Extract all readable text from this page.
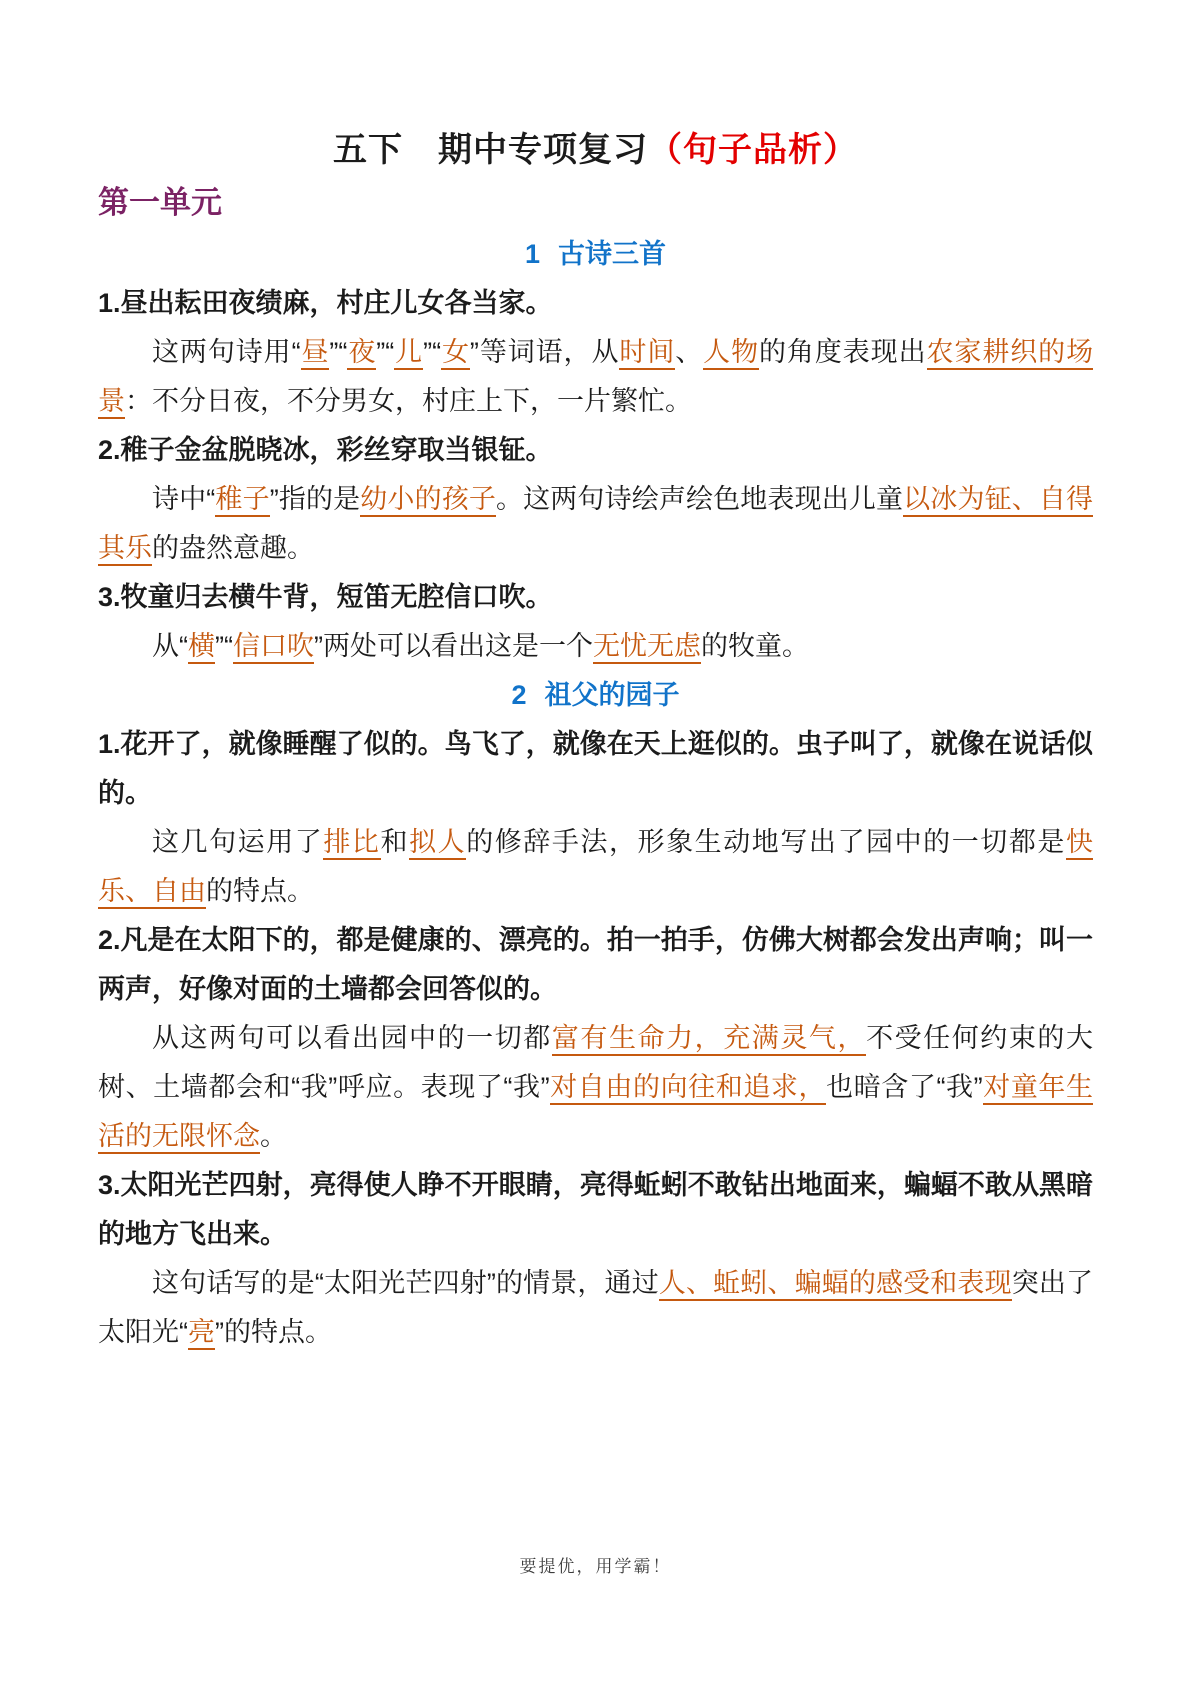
五下　期中专项复习（句子品析）
第一单元
1 古诗三首

1.昼出耘田夜绩麻，村庄儿女各当家。

这两句诗用“昼”“夜”“儿”“女”等词语，从时间、人物的角度表现出农家耕织的场景：不分日夜，不分男女，村庄上下，一片繁忙。

2.稚子金盆脱晓冰，彩丝穿取当银钲。

诗中“稚子”指的是幼小的孩子。这两句诗绘声绘色地表现出儿童以冰为钲、自得其乐的盎然意趣。

3.牧童归去横牛背，短笛无腔信口吹。

从“横”“信口吹”两处可以看出这是一个无忧无虑的牧童。

2 祖父的园子

1.花开了，就像睡醒了似的。鸟飞了，就像在天上逛似的。虫子叫了，就像在说话似的。

这几句运用了排比和拟人的修辞手法，形象生动地写出了园中的一切都是快乐、自由的特点。

2.凡是在太阳下的，都是健康的、漂亮的。拍一拍手，仿佛大树都会发出声响；叫一两声，好像对面的土墙都会回答似的。

从这两句可以看出园中的一切都富有生命力，充满灵气，不受任何约束的大树、土墙都会和“我”呼应。表现了“我”对自由的向往和追求，也暗含了“我”对童年生活的无限怀念。

3.太阳光芒四射，亮得使人睁不开眼睛，亮得蚯蚓不敢钻出地面来，蝙蝠不敢从黑暗的地方飞出来。

这句话写的是“太阳光芒四射”的情景，通过人、蚯蚓、蝙蝠的感受和表现突出了太阳光“亮”的特点。

要提优，用学霸！
